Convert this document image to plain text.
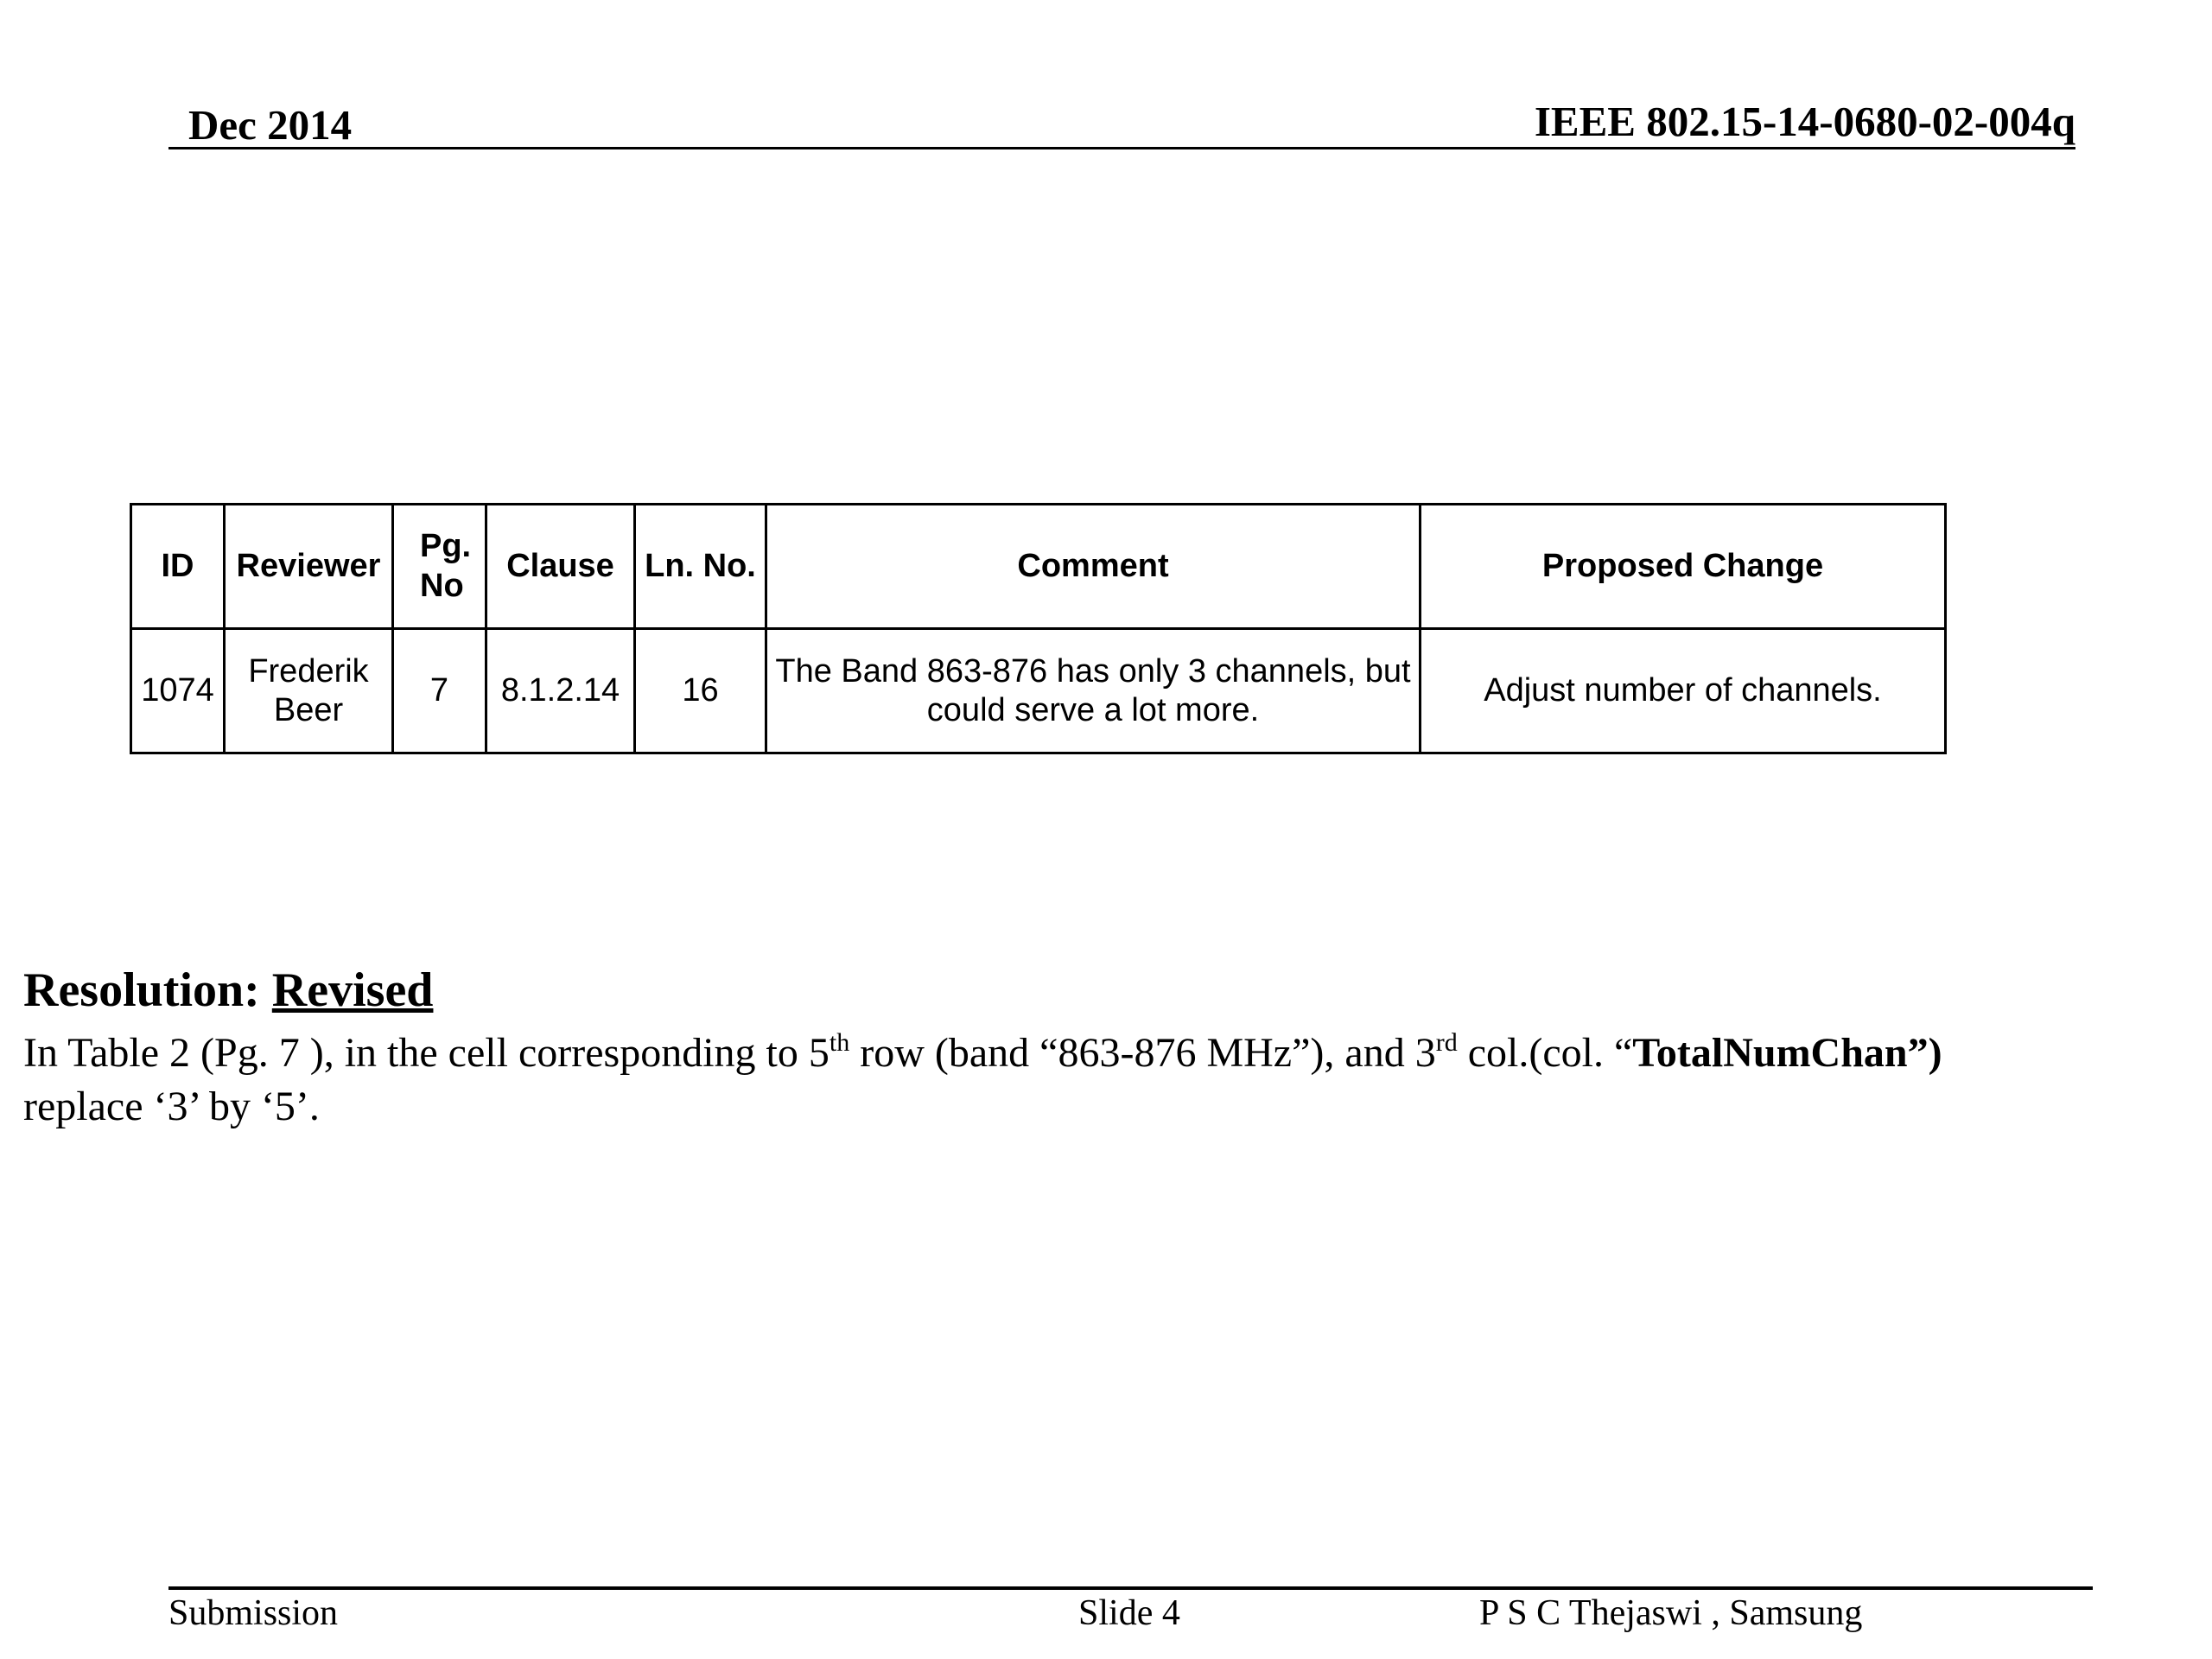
Dec 2014	IEEE 802.15-14-0680-02-004q
ID	Reviewer	Pg. No	Clause	Ln. No.	Comment	Proposed Change
1074	Frederik Beer	7	8.1.2.14	16	The Band 863-876 has only 3 channels, but could serve a lot more.	Adjust number of channels.
Resolution: Revised
In Table 2 (Pg. 7 ), in the cell corresponding to 5th row (band “863-876 MHz”), and 3rd col.(col. “TotalNumChan”)
replace ‘3’ by ‘5’.
Submission	Slide 4	P S C Thejaswi , Samsung
